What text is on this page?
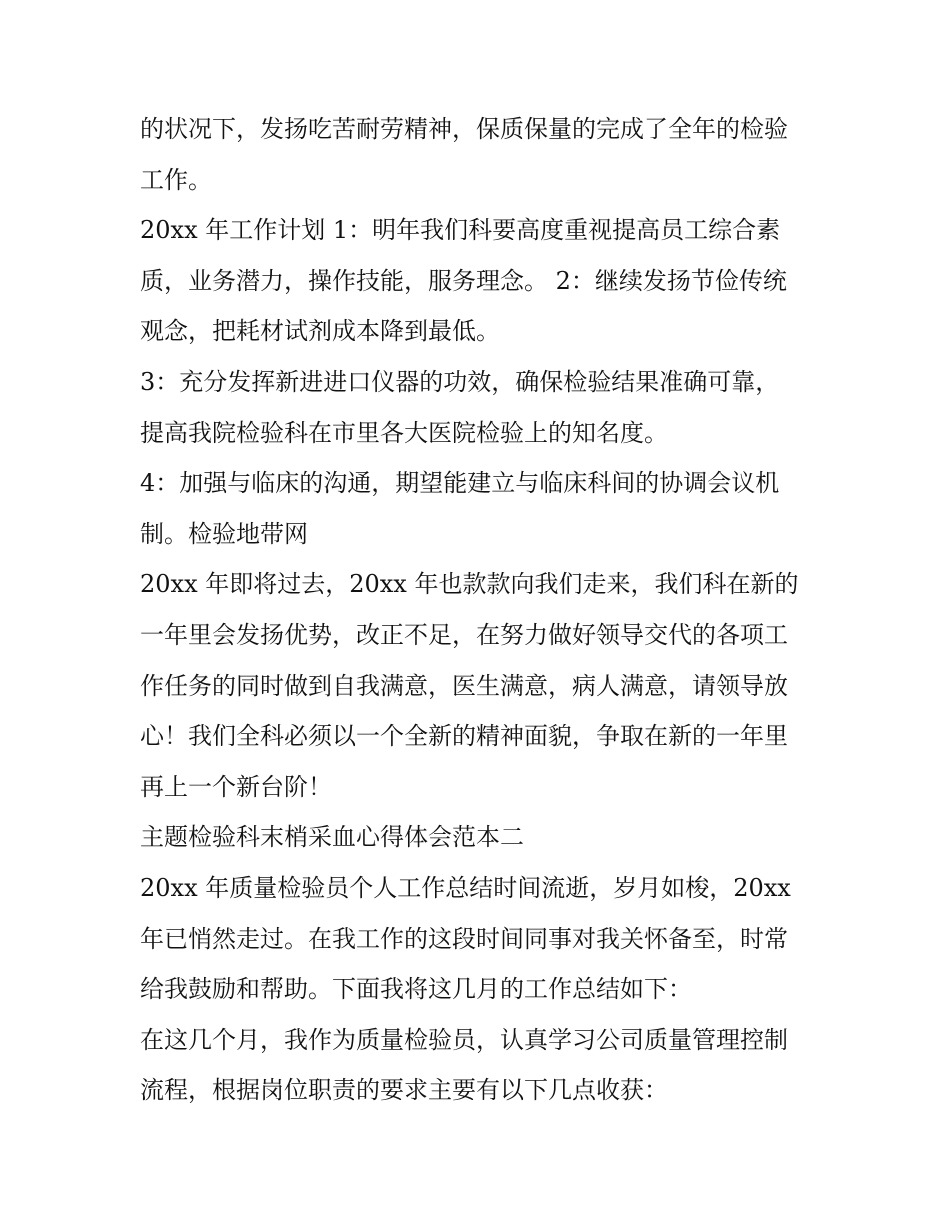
的状况下，发扬吃苦耐劳精神，保质保量的完成了全年的检验
工作。

20xx 年工作计划 1：明年我们科要高度重视提高员工综合素
质，业务潜力，操作技能，服务理念。 2：继续发扬节俭传统
观念，把耗材试剂成本降到最低。

3：充分发挥新进进口仪器的功效，确保检验结果准确可靠，
提高我院检验科在市里各大医院检验上的知名度。

4：加强与临床的沟通，期望能建立与临床科间的协调会议机
制。检验地带网

20xx 年即将过去，20xx 年也款款向我们走来，我们科在新的
一年里会发扬优势，改正不足，在努力做好领导交代的各项工
作任务的同时做到自我满意，医生满意，病人满意，请领导放
心！我们全科必须以一个全新的精神面貌，争取在新的一年里
再上一个新台阶！

主题检验科末梢采血心得体会范本二

20xx 年质量检验员个人工作总结时间流逝，岁月如梭，20xx
年已悄然走过。在我工作的这段时间同事对我关怀备至，时常
给我鼓励和帮助。下面我将这几月的工作总结如下：

在这几个月，我作为质量检验员，认真学习公司质量管理控制
流程，根据岗位职责的要求主要有以下几点收获：
